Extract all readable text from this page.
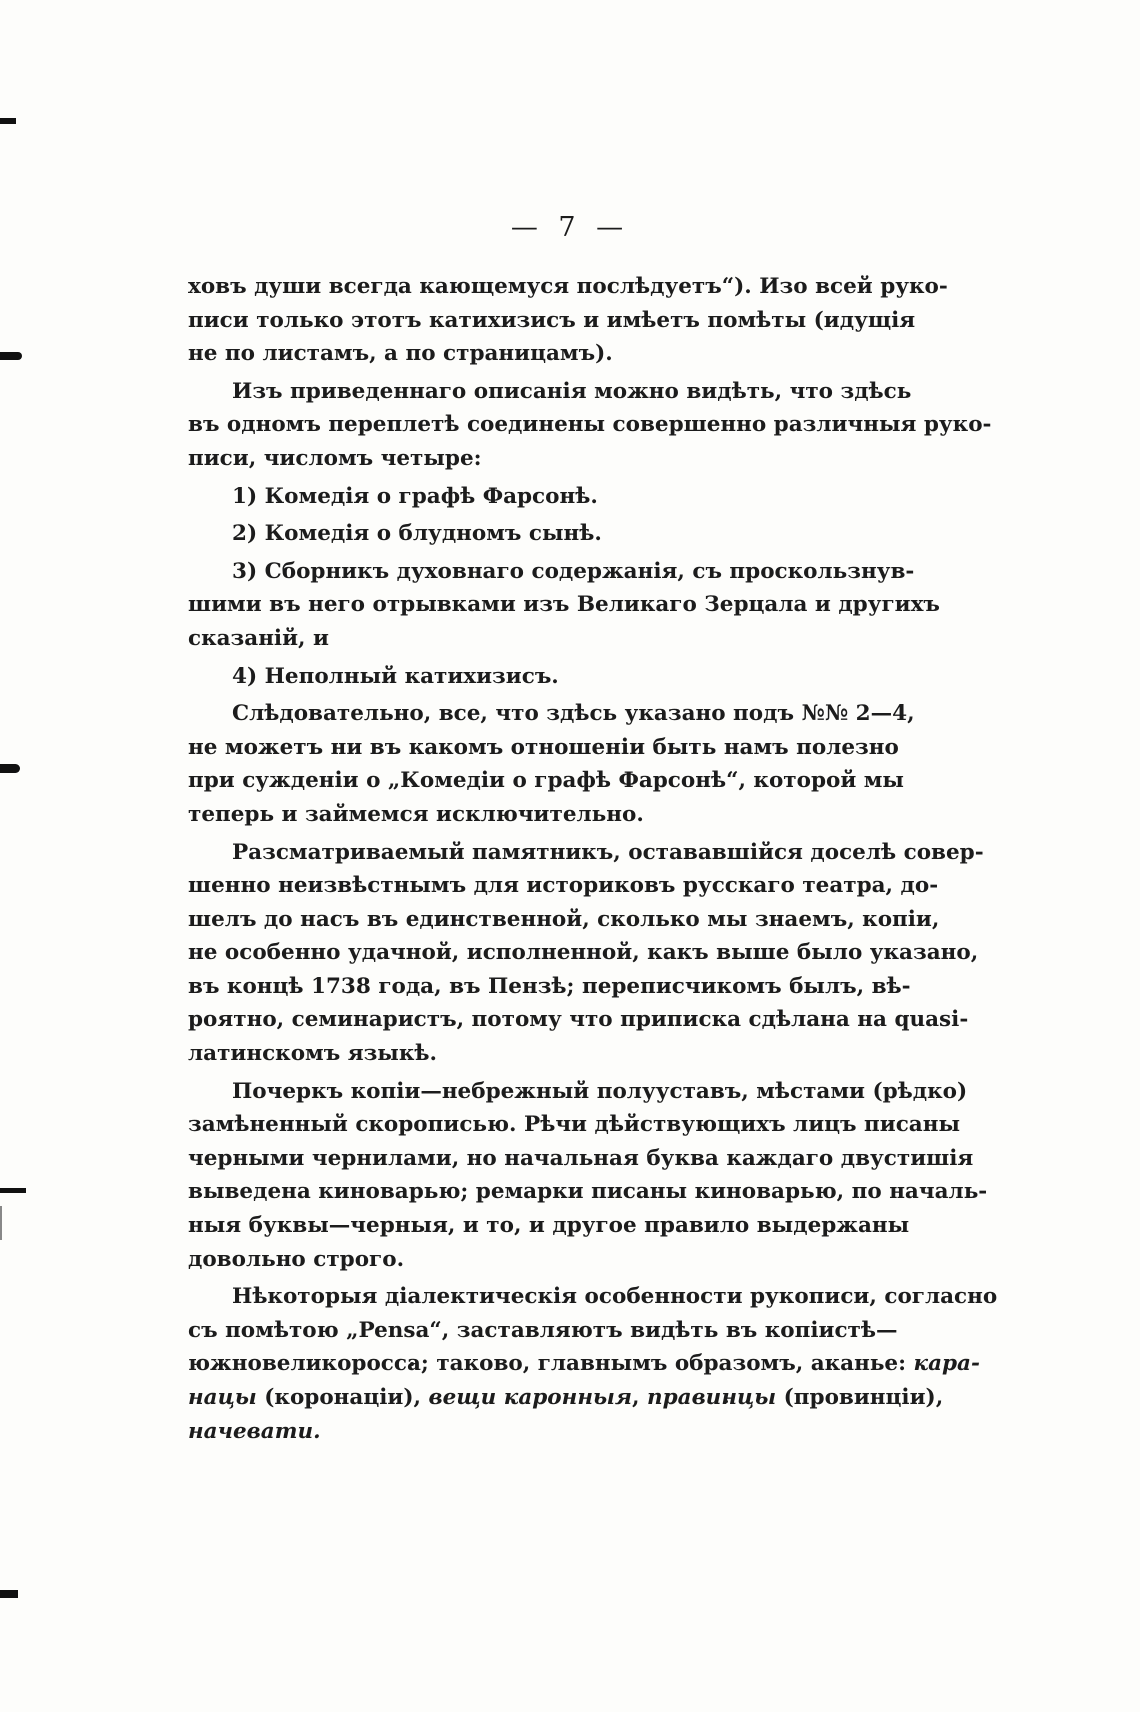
— 7 —

ховъ души всегда кающемуся послѣдуетъ“). Изо всей руко-
писи только этотъ катихизисъ и имѣетъ помѣты (идущія
не по листамъ, а по страницамъ).

Изъ приведеннаго описанія можно видѣть, что здѣсь
въ одномъ переплетѣ соединены совершенно различныя руко-
писи, числомъ четыре:

1) Комедія о графѣ Фарсонѣ.

2) Комедія о блудномъ сынѣ.

3) Сборникъ духовнаго содержанія, съ проскользнув-
шими въ него отрывками изъ Великаго Зерцала и другихъ
сказаній, и

4) Неполный катихизисъ.

Слѣдовательно, все, что здѣсь указано подъ №№ 2—4,
не можетъ ни въ какомъ отношеніи быть намъ полезно
при сужденіи о „Комедіи о графѣ Фарсонѣ“, которой мы
теперь и займемся исключительно.

Разсматриваемый памятникъ, остававшійся доселѣ совер-
шенно неизвѣстнымъ для историковъ русскаго театра, до-
шелъ до насъ въ единственной, сколько мы знаемъ, копіи,
не особенно удачной, исполненной, какъ выше было указано,
въ концѣ 1738 года, въ Пензѣ; переписчикомъ былъ, вѣ-
роятно, семинаристъ, потому что приписка сдѣлана на quasi-
латинскомъ языкѣ.

Почеркъ копіи—небрежный полууставъ, мѣстами (рѣдко)
замѣненный скорописью. Рѣчи дѣйствующихъ лицъ писаны
черными чернилами, но начальная буква каждаго двустишія
выведена киноварью; ремарки писаны киноварью, по началь-
ныя буквы—черныя, и то, и другое правило выдержаны
довольно строго.

Нѣкоторыя діалектическія особенности рукописи, согласно
съ помѣтою „Pensa“, заставляютъ видѣть въ копіистѣ—
южновеликоросса; таково, главнымъ образомъ, аканье: кара-
нацы (коронаціи), вещи каронныя, правинцы (провинціи),
начевати.
